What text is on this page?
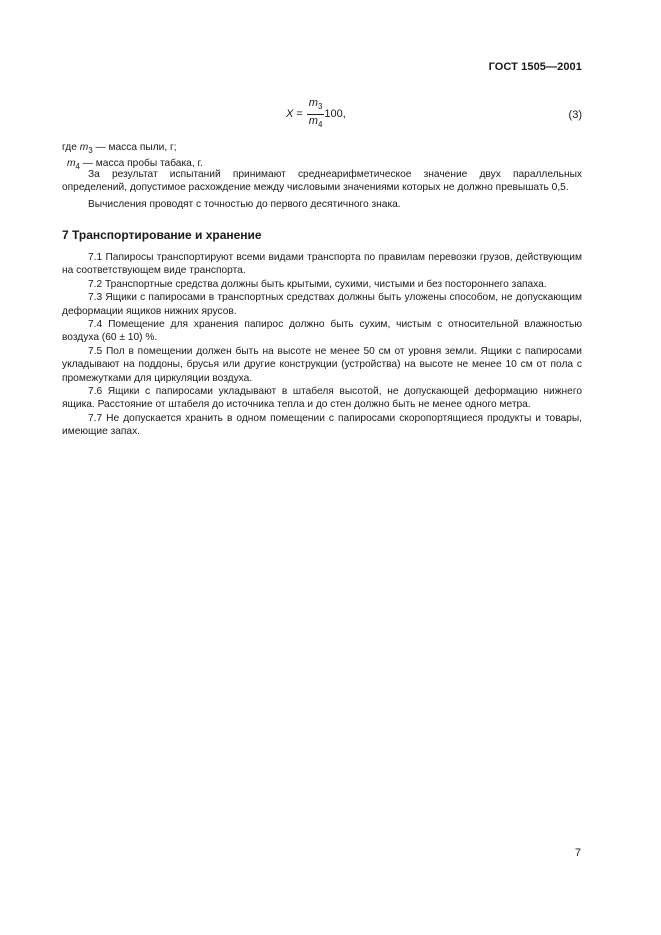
ГОСТ 1505—2001
$X = \frac{m_3}{m_4} 100$,	(3)
где $m_3$ — масса пыли, г;
$m_4$ — масса пробы табака, г.

За результат испытаний принимают среднеарифметическое значение двух параллельных определений, допустимое расхождение между числовыми значениями которых не должно превышать 0,5.

Вычисления проводят с точностью до первого десятичного знака.

7 Транспортирование и хранение

7.1 Папиросы транспортируют всеми видами транспорта по правилам перевозки грузов, действующим на соответствующем виде транспорта.

7.2 Транспортные средства должны быть крытыми, сухими, чистыми и без постороннего запаха.

7.3 Ящики с папиросами в транспортных средствах должны быть уложены способом, не допускающим деформации ящиков нижних ярусов.

7.4 Помещение для хранения папирос должно быть сухим, чистым с относительной влажностью воздуха (60 ± 10) %.

7.5 Пол в помещении должен быть на высоте не менее 50 см от уровня земли. Ящики с папиросами укладывают на поддоны, брусья или другие конструкции (устройства) на высоте не менее 10 см от пола с промежутками для циркуляции воздуха.

7.6 Ящики с папиросами укладывают в штабеля высотой, не допускающей деформацию нижнего ящика. Расстояние от штабеля до источника тепла и до стен должно быть не менее одного метра.

7.7 Не допускается хранить в одном помещении с папиросами скоропортящиеся продукты и товары, имеющие запах.

7
